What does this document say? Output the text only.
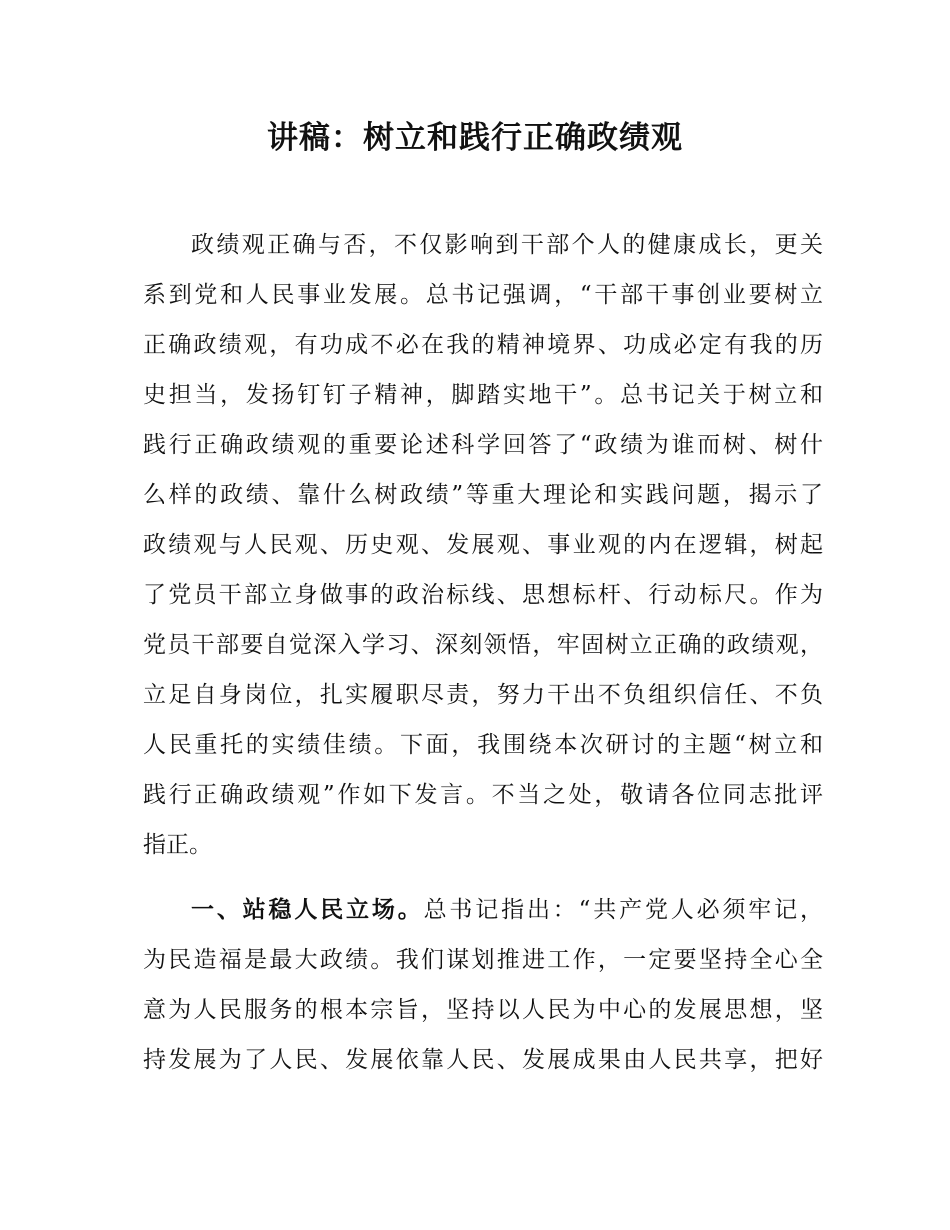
讲稿：树立和践行正确政绩观
政绩观正确与否，不仅影响到干部个人的健康成长，更关
系到党和人民事业发展。总书记强调，“干部干事创业要树立
正确政绩观，有功成不必在我的精神境界、功成必定有我的历
史担当，发扬钉钉子精神，脚踏实地干”。总书记关于树立和
践行正确政绩观的重要论述科学回答了“政绩为谁而树、树什
么样的政绩、靠什么树政绩”等重大理论和实践问题，揭示了
政绩观与人民观、历史观、发展观、事业观的内在逻辑，树起
了党员干部立身做事的政治标线、思想标杆、行动标尺。作为
党员干部要自觉深入学习、深刻领悟，牢固树立正确的政绩观，
立足自身岗位，扎实履职尽责，努力干出不负组织信任、不负
人民重托的实绩佳绩。下面，我围绕本次研讨的主题“树立和
践行正确政绩观”作如下发言。不当之处，敬请各位同志批评
指正。
一、站稳人民立场。总书记指出：“共产党人必须牢记，
为民造福是最大政绩。我们谋划推进工作，一定要坚持全心全
意为人民服务的根本宗旨，坚持以人民为中心的发展思想，坚
持发展为了人民、发展依靠人民、发展成果由人民共享，把好
